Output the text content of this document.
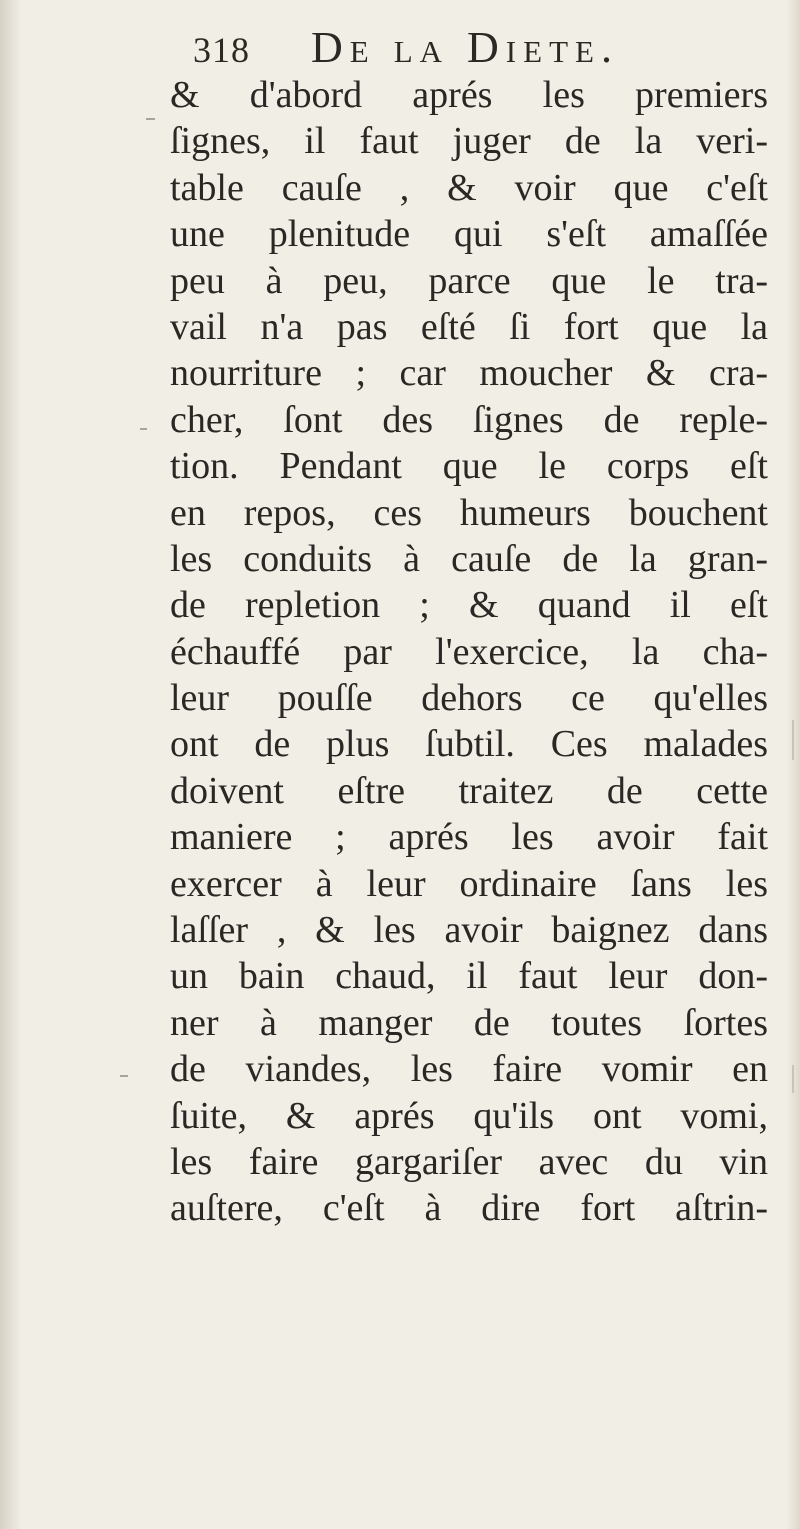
318	De la Diete.
& d'abord aprés les premiers
ſignes, il faut juger de la veri-
table cauſe , & voir que c'eſt
une plenitude qui s'eſt amaſſée
peu à peu, parce que le tra-
vail n'a pas eſté ſi fort que la
nourriture ; car moucher & cra-
cher, ſont des ſignes de reple-
tion. Pendant que le corps eſt
en repos, ces humeurs bouchent
les conduits à cauſe de la gran-
de repletion ; & quand il eſt
échauffé par l'exercice, la cha-
leur pouſſe dehors ce qu'elles
ont de plus ſubtil. Ces malades
doivent eſtre traitez de cette
maniere ; aprés les avoir fait
exercer à leur ordinaire ſans les
laſſer , & les avoir baignez dans
un bain chaud, il faut leur don-
ner à manger de toutes ſortes
de viandes, les faire vomir en
ſuite, & aprés qu'ils ont vomi,
les faire gargariſer avec du vin
auſtere, c'eſt à dire fort aſtrin-
